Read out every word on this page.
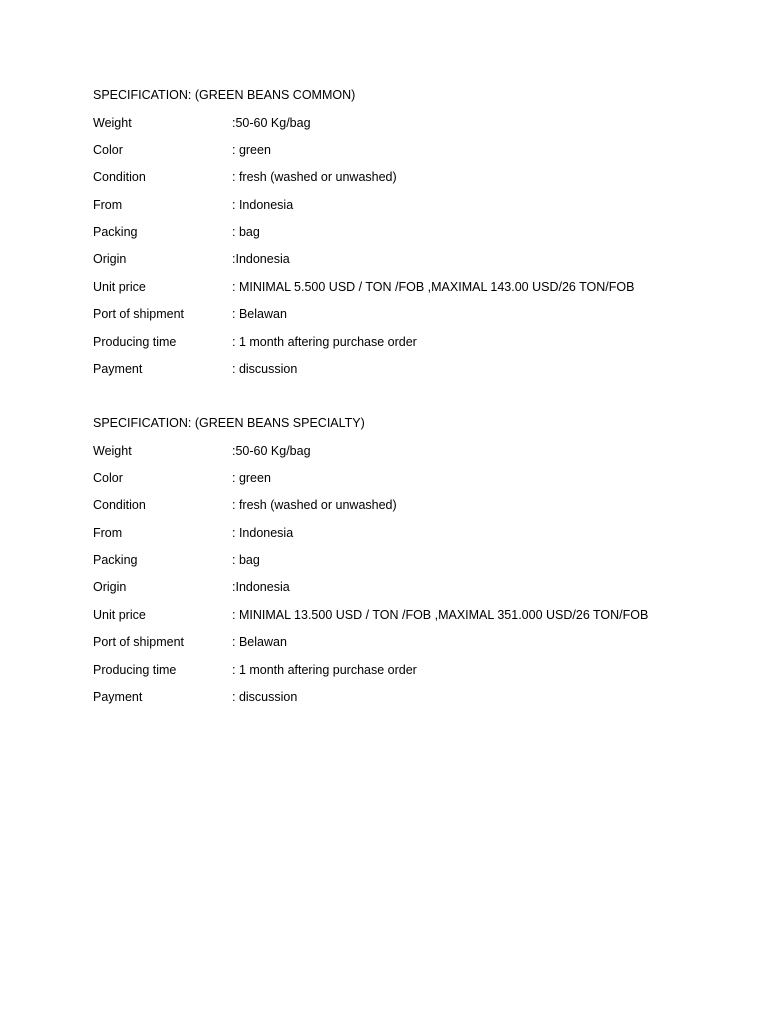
SPECIFICATION: (GREEN BEANS COMMON)
Weight	:50-60 Kg/bag
Color	: green
Condition	: fresh (washed or unwashed)
From	: Indonesia
Packing	: bag
Origin	:Indonesia
Unit price	: MINIMAL 5.500 USD / TON /FOB ,MAXIMAL 143.00 USD/26 TON/FOB
Port of shipment	: Belawan
Producing time	: 1 month aftering purchase order
Payment	: discussion
SPECIFICATION: (GREEN BEANS SPECIALTY)
Weight	:50-60 Kg/bag
Color	: green
Condition	: fresh (washed or unwashed)
From	: Indonesia
Packing	: bag
Origin	:Indonesia
Unit price	: MINIMAL 13.500 USD / TON /FOB ,MAXIMAL 351.000 USD/26 TON/FOB
Port of shipment	: Belawan
Producing time	: 1 month aftering purchase order
Payment	: discussion
